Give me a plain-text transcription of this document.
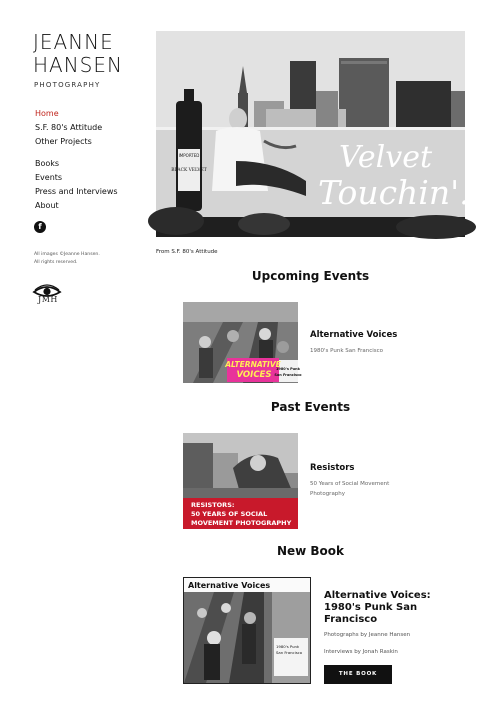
JEANNE HANSEN
PHOTOGRAPHY
Home
S.F. 80's Attitude
Other Projects
Books
Events
Press and Interviews
About
f
All images ©Jeanne Hansen.
All rights reserved.
JMH
IMPORTED
BLACK VELVET	Velvet
Touchin'.
From S.F. 80's Attitude
Upcoming Events
ALTERNATIVE
VOICES
1980's Punk
San Francisco
Alternative Voices
1980's Punk San Francisco
Past Events
RESISTORS:
50 YEARS OF SOCIAL
MOVEMENT PHOTOGRAPHY
Resistors
50 Years of Social Movement
Photography
New Book
Alternative Voices
1980's Punk
San Francisco
Alternative Voices: 1980's Punk San Francisco
Photographs by Jeanne Hansen
Interviews by Jonah Raskin
THE BOOK
